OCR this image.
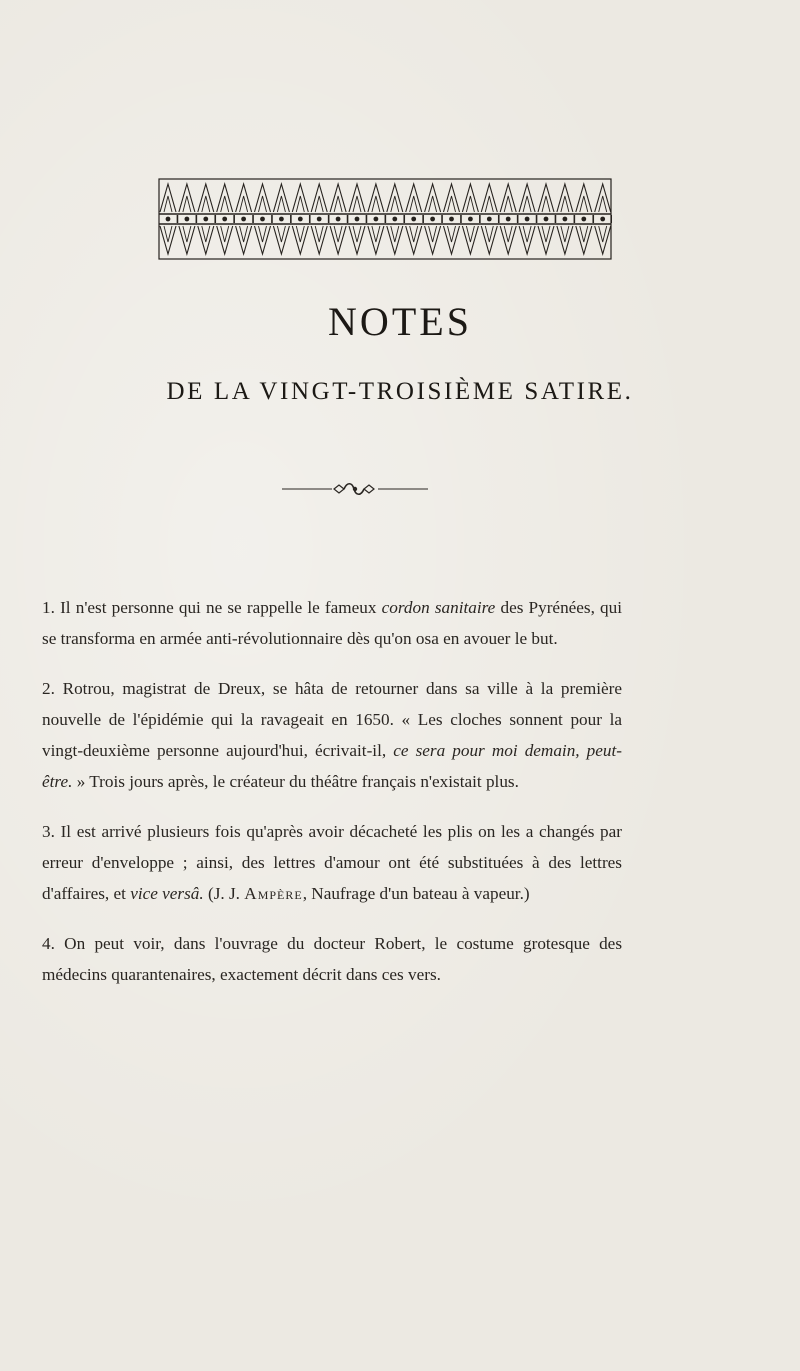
NOTES
DE LA VINGT-TROISIÈME SATIRE.

1. Il n'est personne qui ne se rappelle le fameux cordon sanitaire des Pyrénées, qui se transforma en armée anti-révolutionnaire dès qu'on osa en avouer le but.

2. Rotrou, magistrat de Dreux, se hâta de retourner dans sa ville à la première nouvelle de l'épidémie qui la ravageait en 1650. « Les cloches sonnent pour la vingt-deuxième personne aujourd'hui, écrivait-il, ce sera pour moi demain, peut-être. » Trois jours après, le créateur du théâtre français n'existait plus.

3. Il est arrivé plusieurs fois qu'après avoir décacheté les plis on les a changés par erreur d'enveloppe ; ainsi, des lettres d'amour ont été substituées à des lettres d'affaires, et vice versâ. (J. J. Ampère, Naufrage d'un bateau à vapeur.)

4. On peut voir, dans l'ouvrage du docteur Robert, le costume grotesque des médecins quarantenaires, exactement décrit dans ces vers.
